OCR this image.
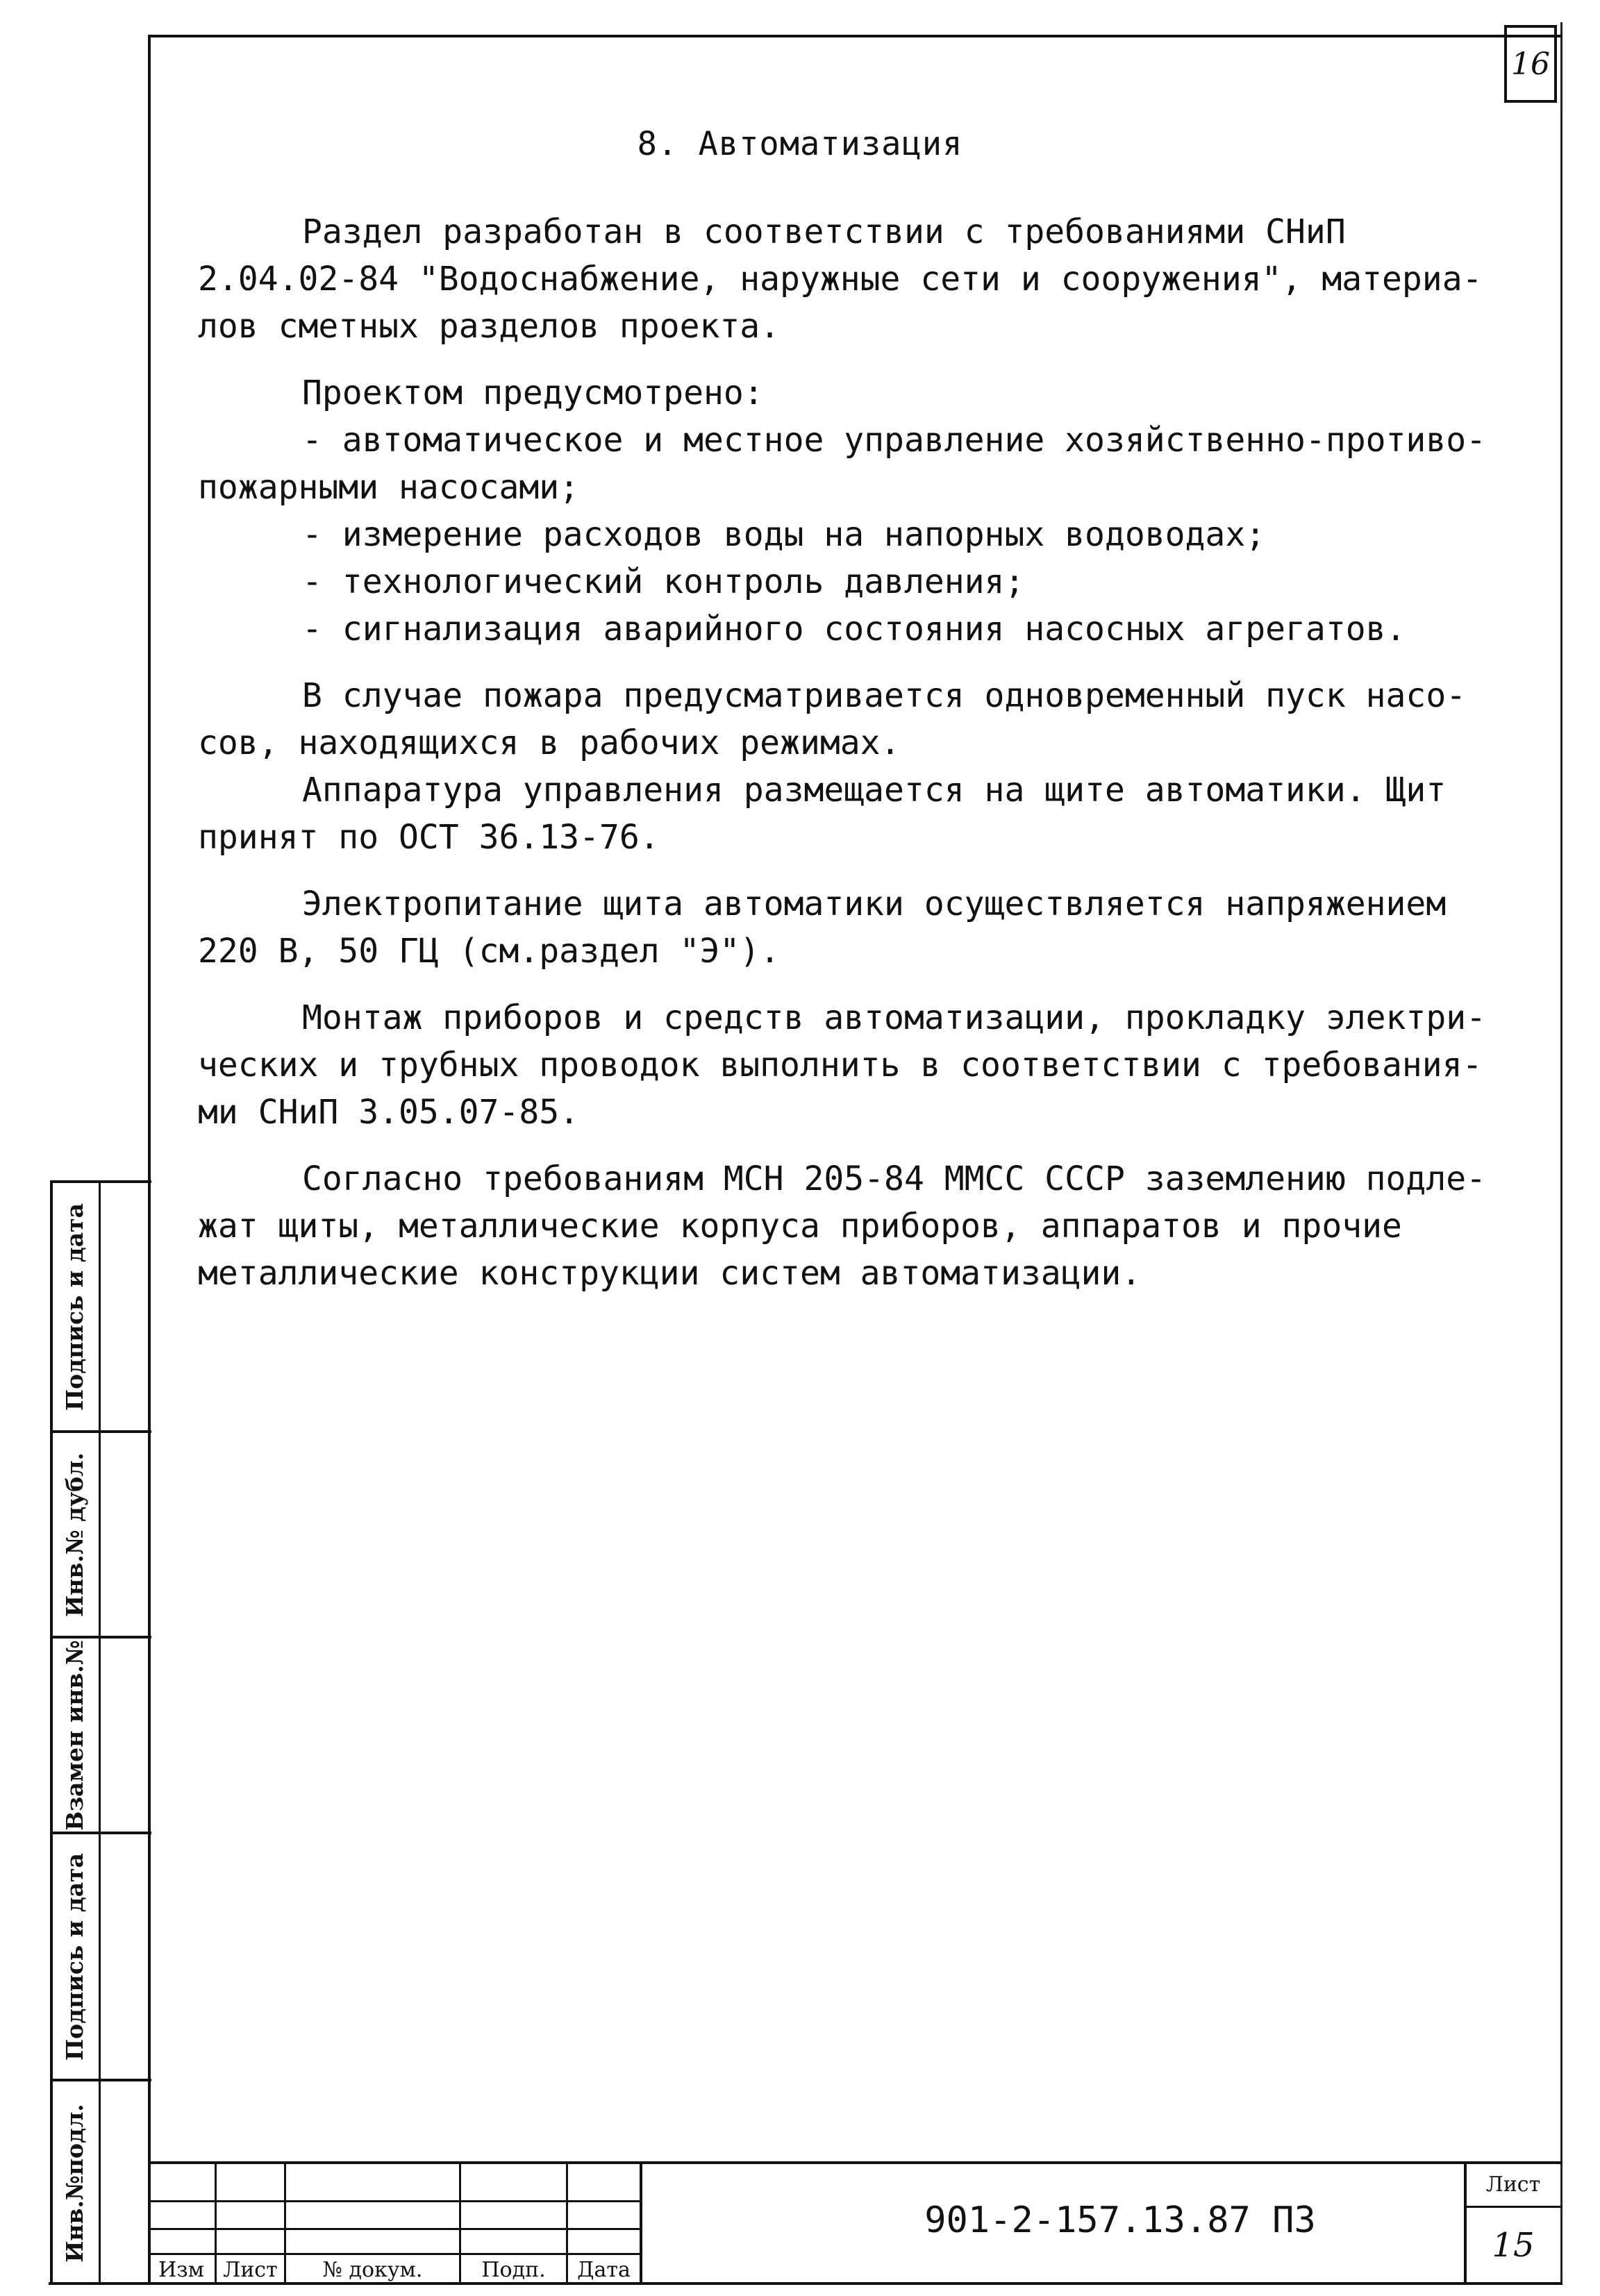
16
8. Автоматизация

Раздел разработан в соответствии с требованиями СНиП

2.04.02-84 "Водоснабжение, наружные сети и сооружения", материа-

лов сметных разделов проекта.

Проектом предусмотрено:

- автоматическое и местное управление хозяйственно-противо-

пожарными насосами;

- измерение расходов воды на напорных водоводах;

- технологический контроль давления;

- сигнализация аварийного состояния насосных агрегатов.

В случае пожара предусматривается одновременный пуск насо-

сов, находящихся в рабочих режимах.

Аппаратура управления размещается на щите автоматики. Щит

принят по ОСТ 36.13-76.

Электропитание щита автоматики осуществляется напряжением

220 В, 50 ГЦ (см.раздел "Э").

Монтаж приборов и средств автоматизации, прокладку электри-

ческих и трубных проводок выполнить в соответствии с требования-

ми СНиП 3.05.07-85.

Согласно требованиям МСН 205-84 ММСС СССР заземлению подле-

жат щиты, металлические корпуса приборов, аппаратов и прочие

металлические конструкции систем автоматизации.

Подпись и дата
Инв.№ дубл.
Взамен инв.№
Подпись и дата
Инв.№подл.
Изм Лист	№ докум.	Подп.	Дата
901-2-157.13.87 ПЗ
Лист
15
